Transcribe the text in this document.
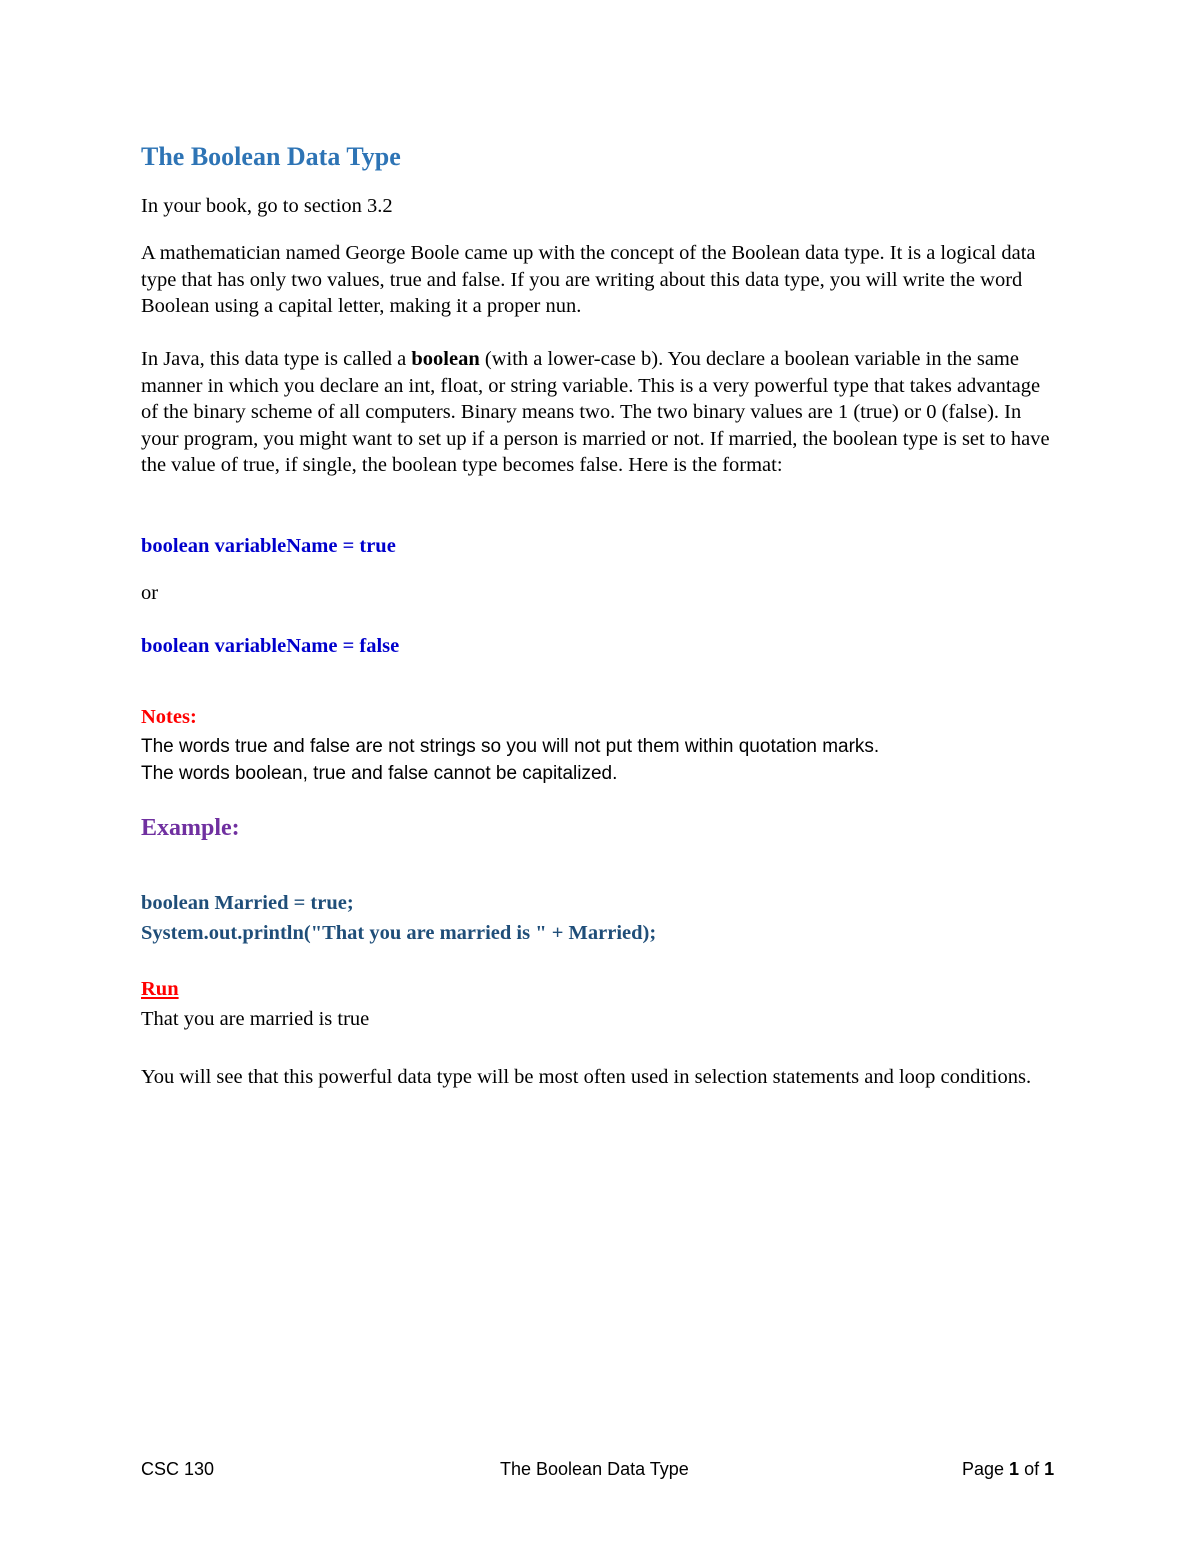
The Boolean Data Type

In your book, go to section 3.2

A mathematician named George Boole came up with the concept of the Boolean data type. It is a logical data type that has only two values, true and false. If you are writing about this data type, you will write the word Boolean using a capital letter, making it a proper nun.

In Java, this data type is called a boolean (with a lower-case b). You declare a boolean variable in the same manner in which you declare an int, float, or string variable. This is a very powerful type that takes advantage of the binary scheme of all computers. Binary means two. The two binary values are 1 (true) or 0 (false). In your program, you might want to set up if a person is married or not. If married, the boolean type is set to have the value of true, if single, the boolean type becomes false. Here is the format:

boolean variableName = true

or

boolean variableName = false

Notes:

The words true and false are not strings so you will not put them within quotation marks.

The words boolean, true and false cannot be capitalized.

Example:

boolean Married = true;

System.out.println("That you are married is " + Married);

Run

That you are married is true

You will see that this powerful data type will be most often used in selection statements and loop conditions.

CSC 130	The Boolean Data Type	Page 1 of 1
